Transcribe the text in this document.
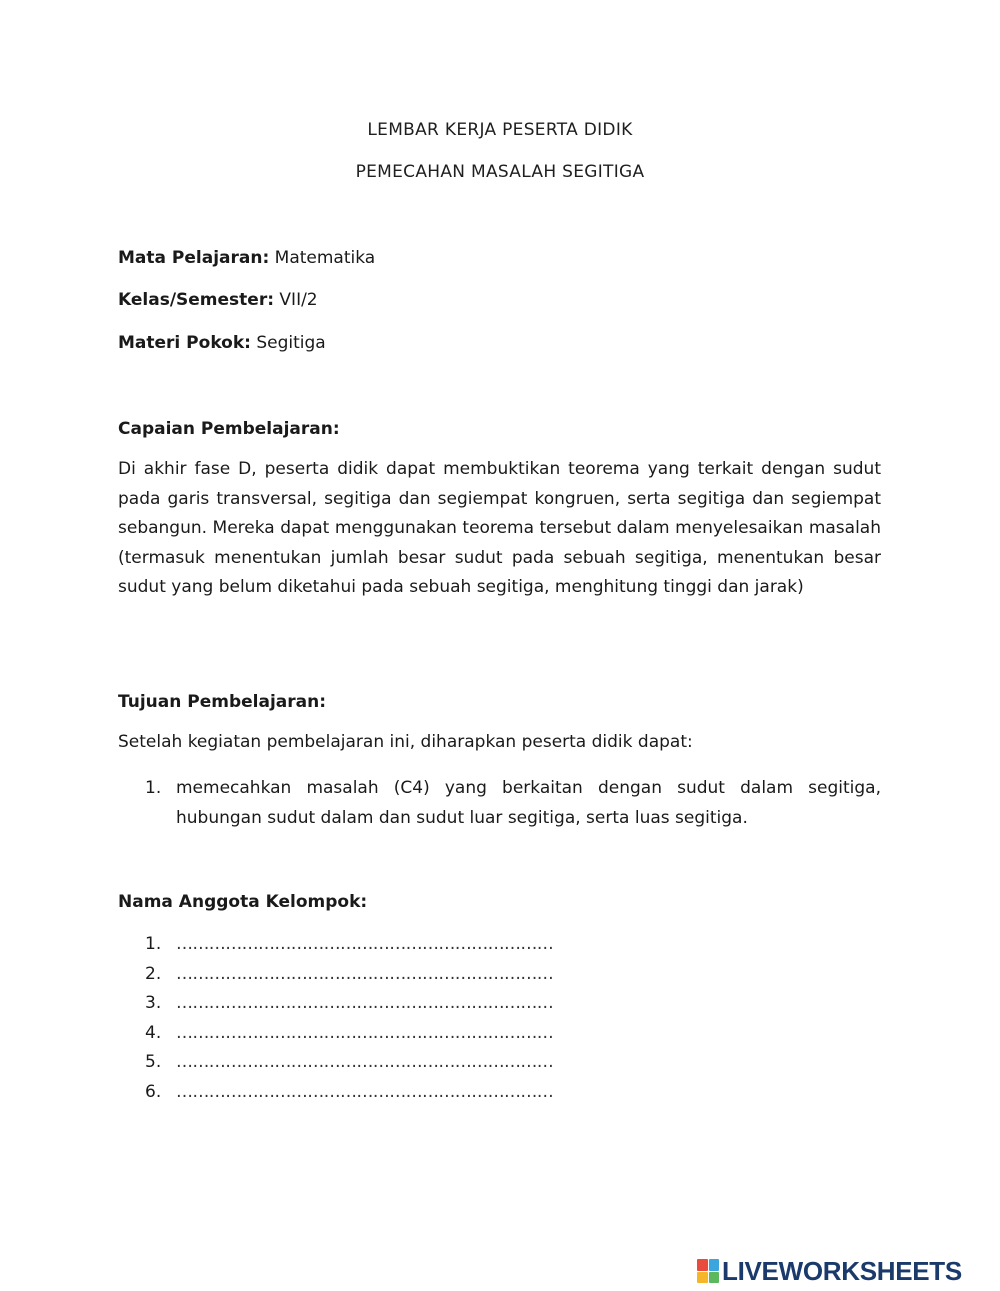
LEMBAR KERJA PESERTA DIDIK
PEMECAHAN MASALAH SEGITIGA
Mata Pelajaran: Matematika
Kelas/Semester: VII/2
Materi Pokok: Segitiga
Capaian Pembelajaran:
Di akhir fase D, peserta didik dapat membuktikan teorema yang terkait dengan sudut pada garis transversal, segitiga dan segiempat kongruen, serta segitiga dan segiempat sebangun. Mereka dapat menggunakan teorema tersebut dalam menyelesaikan masalah (termasuk menentukan jumlah besar sudut pada sebuah segitiga, menentukan besar sudut yang belum diketahui pada sebuah segitiga, menghitung tinggi dan jarak)
Tujuan Pembelajaran:
Setelah kegiatan pembelajaran ini, diharapkan peserta didik dapat:
1. memecahkan masalah (C4) yang berkaitan dengan sudut dalam segitiga, hubungan sudut dalam dan sudut luar segitiga, serta luas segitiga.
Nama Anggota Kelompok:
1. ……………………………………………………………
2. ……………………………………………………………
3. ……………………………………………………………
4. ……………………………………………………………
5. ……………………………………………………………
6. ……………………………………………………………
LIVEWORKSHEETS
